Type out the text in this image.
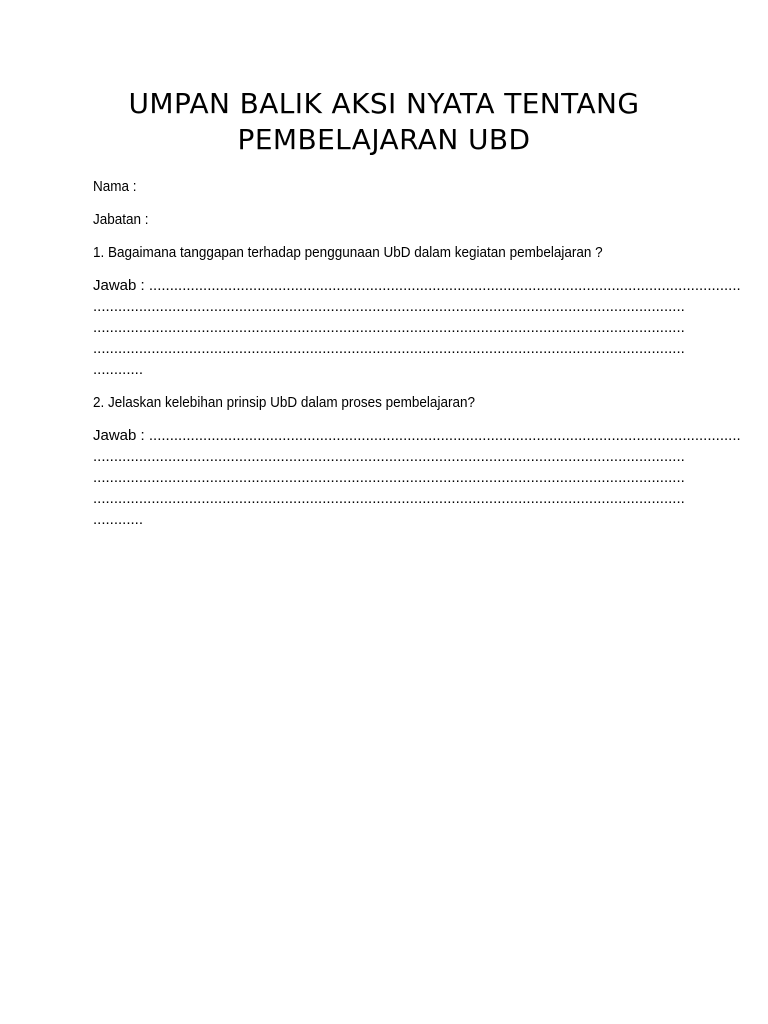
UMPAN BALIK AKSI NYATA TENTANG
PEMBELAJARAN UBD

Nama :

Jabatan :

1. Bagaimana tanggapan terhadap penggunaan UbD dalam kegiatan pembelajaran ?

Jawab : ..............................................................................................................................................
..............................................................................................................................................
..............................................................................................................................................
..............................................................................................................................................
............

2. Jelaskan kelebihan prinsip UbD dalam proses pembelajaran?

Jawab : ..............................................................................................................................................
..............................................................................................................................................
..............................................................................................................................................
..............................................................................................................................................
............
